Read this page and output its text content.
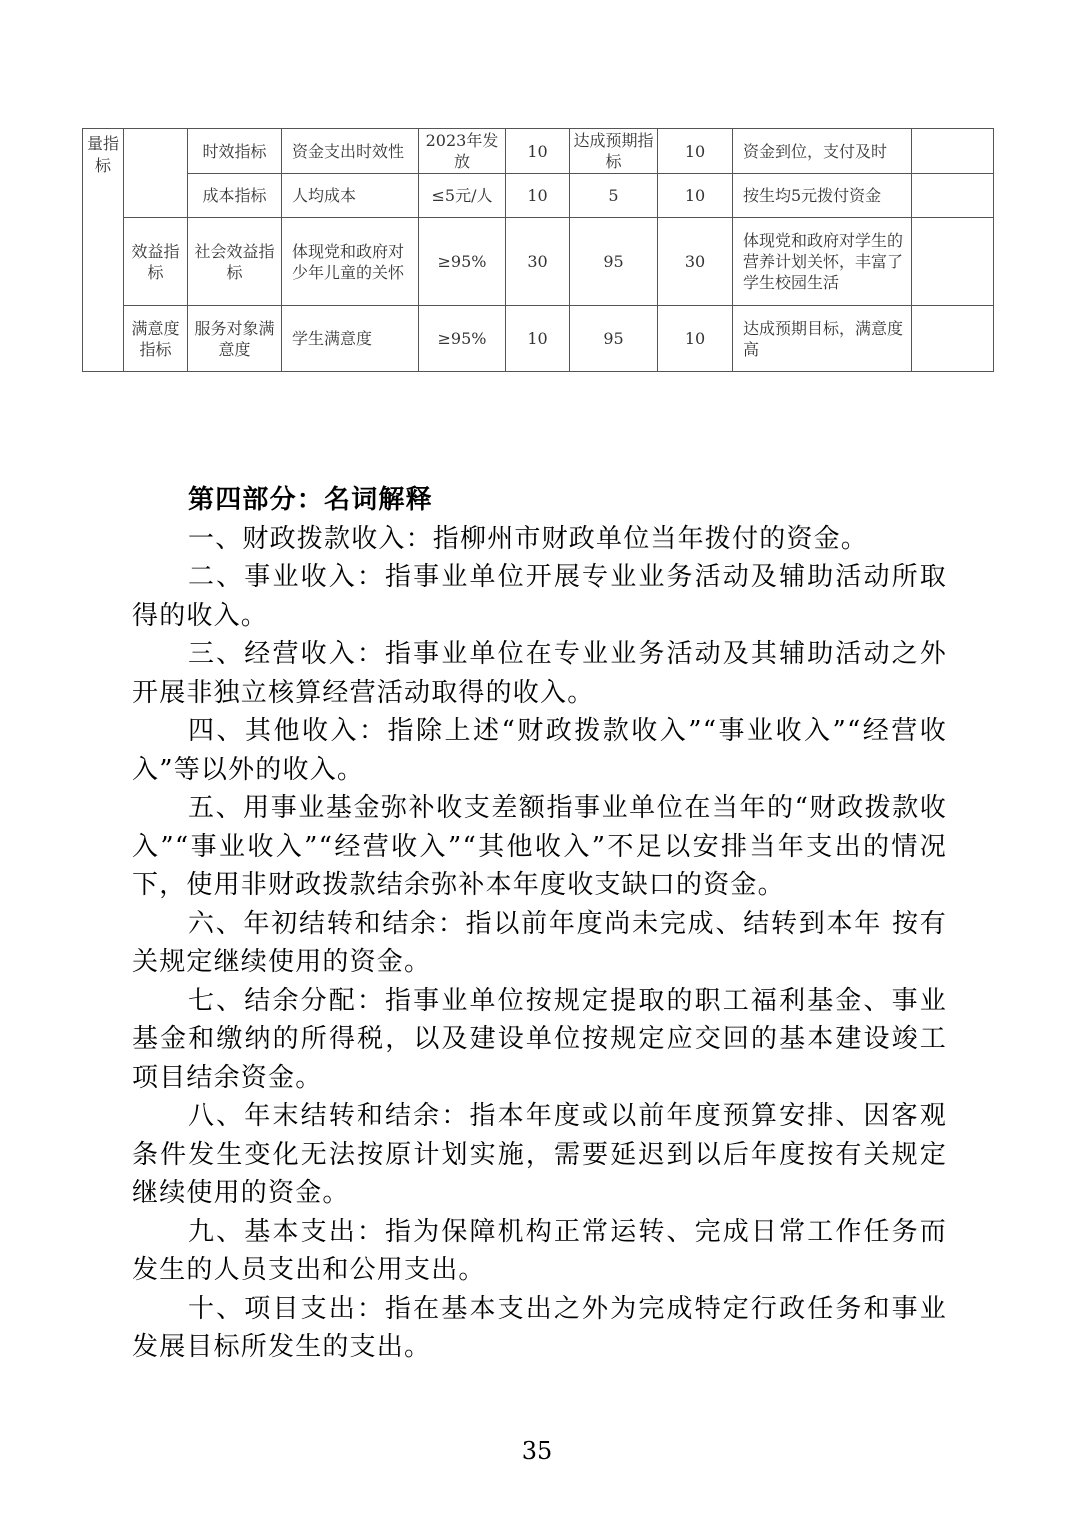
量指标		时效指标	资金支出时效性	2023年发放	10	达成预期指标	10	资金到位，支付及时	
		成本指标	人均成本	≤5元/人	10	5	10	按生均5元拨付资金	
	效益指标	社会效益指标	体现党和政府对少年儿童的关怀	≥95%	30	95	30	体现党和政府对学生的营养计划关怀，丰富了学生校园生活	
	满意度指标	服务对象满意度	学生满意度	≥95%	10	95	10	达成预期目标，满意度高	

第四部分：名词解释

一、财政拨款收入：指柳州市财政单位当年拨付的资金。

二、事业收入：指事业单位开展专业业务活动及辅助活动所取得的收入。

三、经营收入：指事业单位在专业业务活动及其辅助活动之外开展非独立核算经营活动取得的收入。

四、其他收入：指除上述“财政拨款收入”“事业收入”“经营收入”等以外的收入。

五、用事业基金弥补收支差额指事业单位在当年的“财政拨款收入”“事业收入”“经营收入”“其他收入”不足以安排当年支出的情况下，使用非财政拨款结余弥补本年度收支缺口的资金。

六、年初结转和结余：指以前年度尚未完成、结转到本年 按有关规定继续使用的资金。

七、结余分配：指事业单位按规定提取的职工福利基金、事业基金和缴纳的所得税，以及建设单位按规定应交回的基本建设竣工项目结余资金。

八、年末结转和结余：指本年度或以前年度预算安排、因客观条件发生变化无法按原计划实施，需要延迟到以后年度按有关规定继续使用的资金。

九、基本支出：指为保障机构正常运转、完成日常工作任务而发生的人员支出和公用支出。

十、项目支出：指在基本支出之外为完成特定行政任务和事业发展目标所发生的支出。

35
